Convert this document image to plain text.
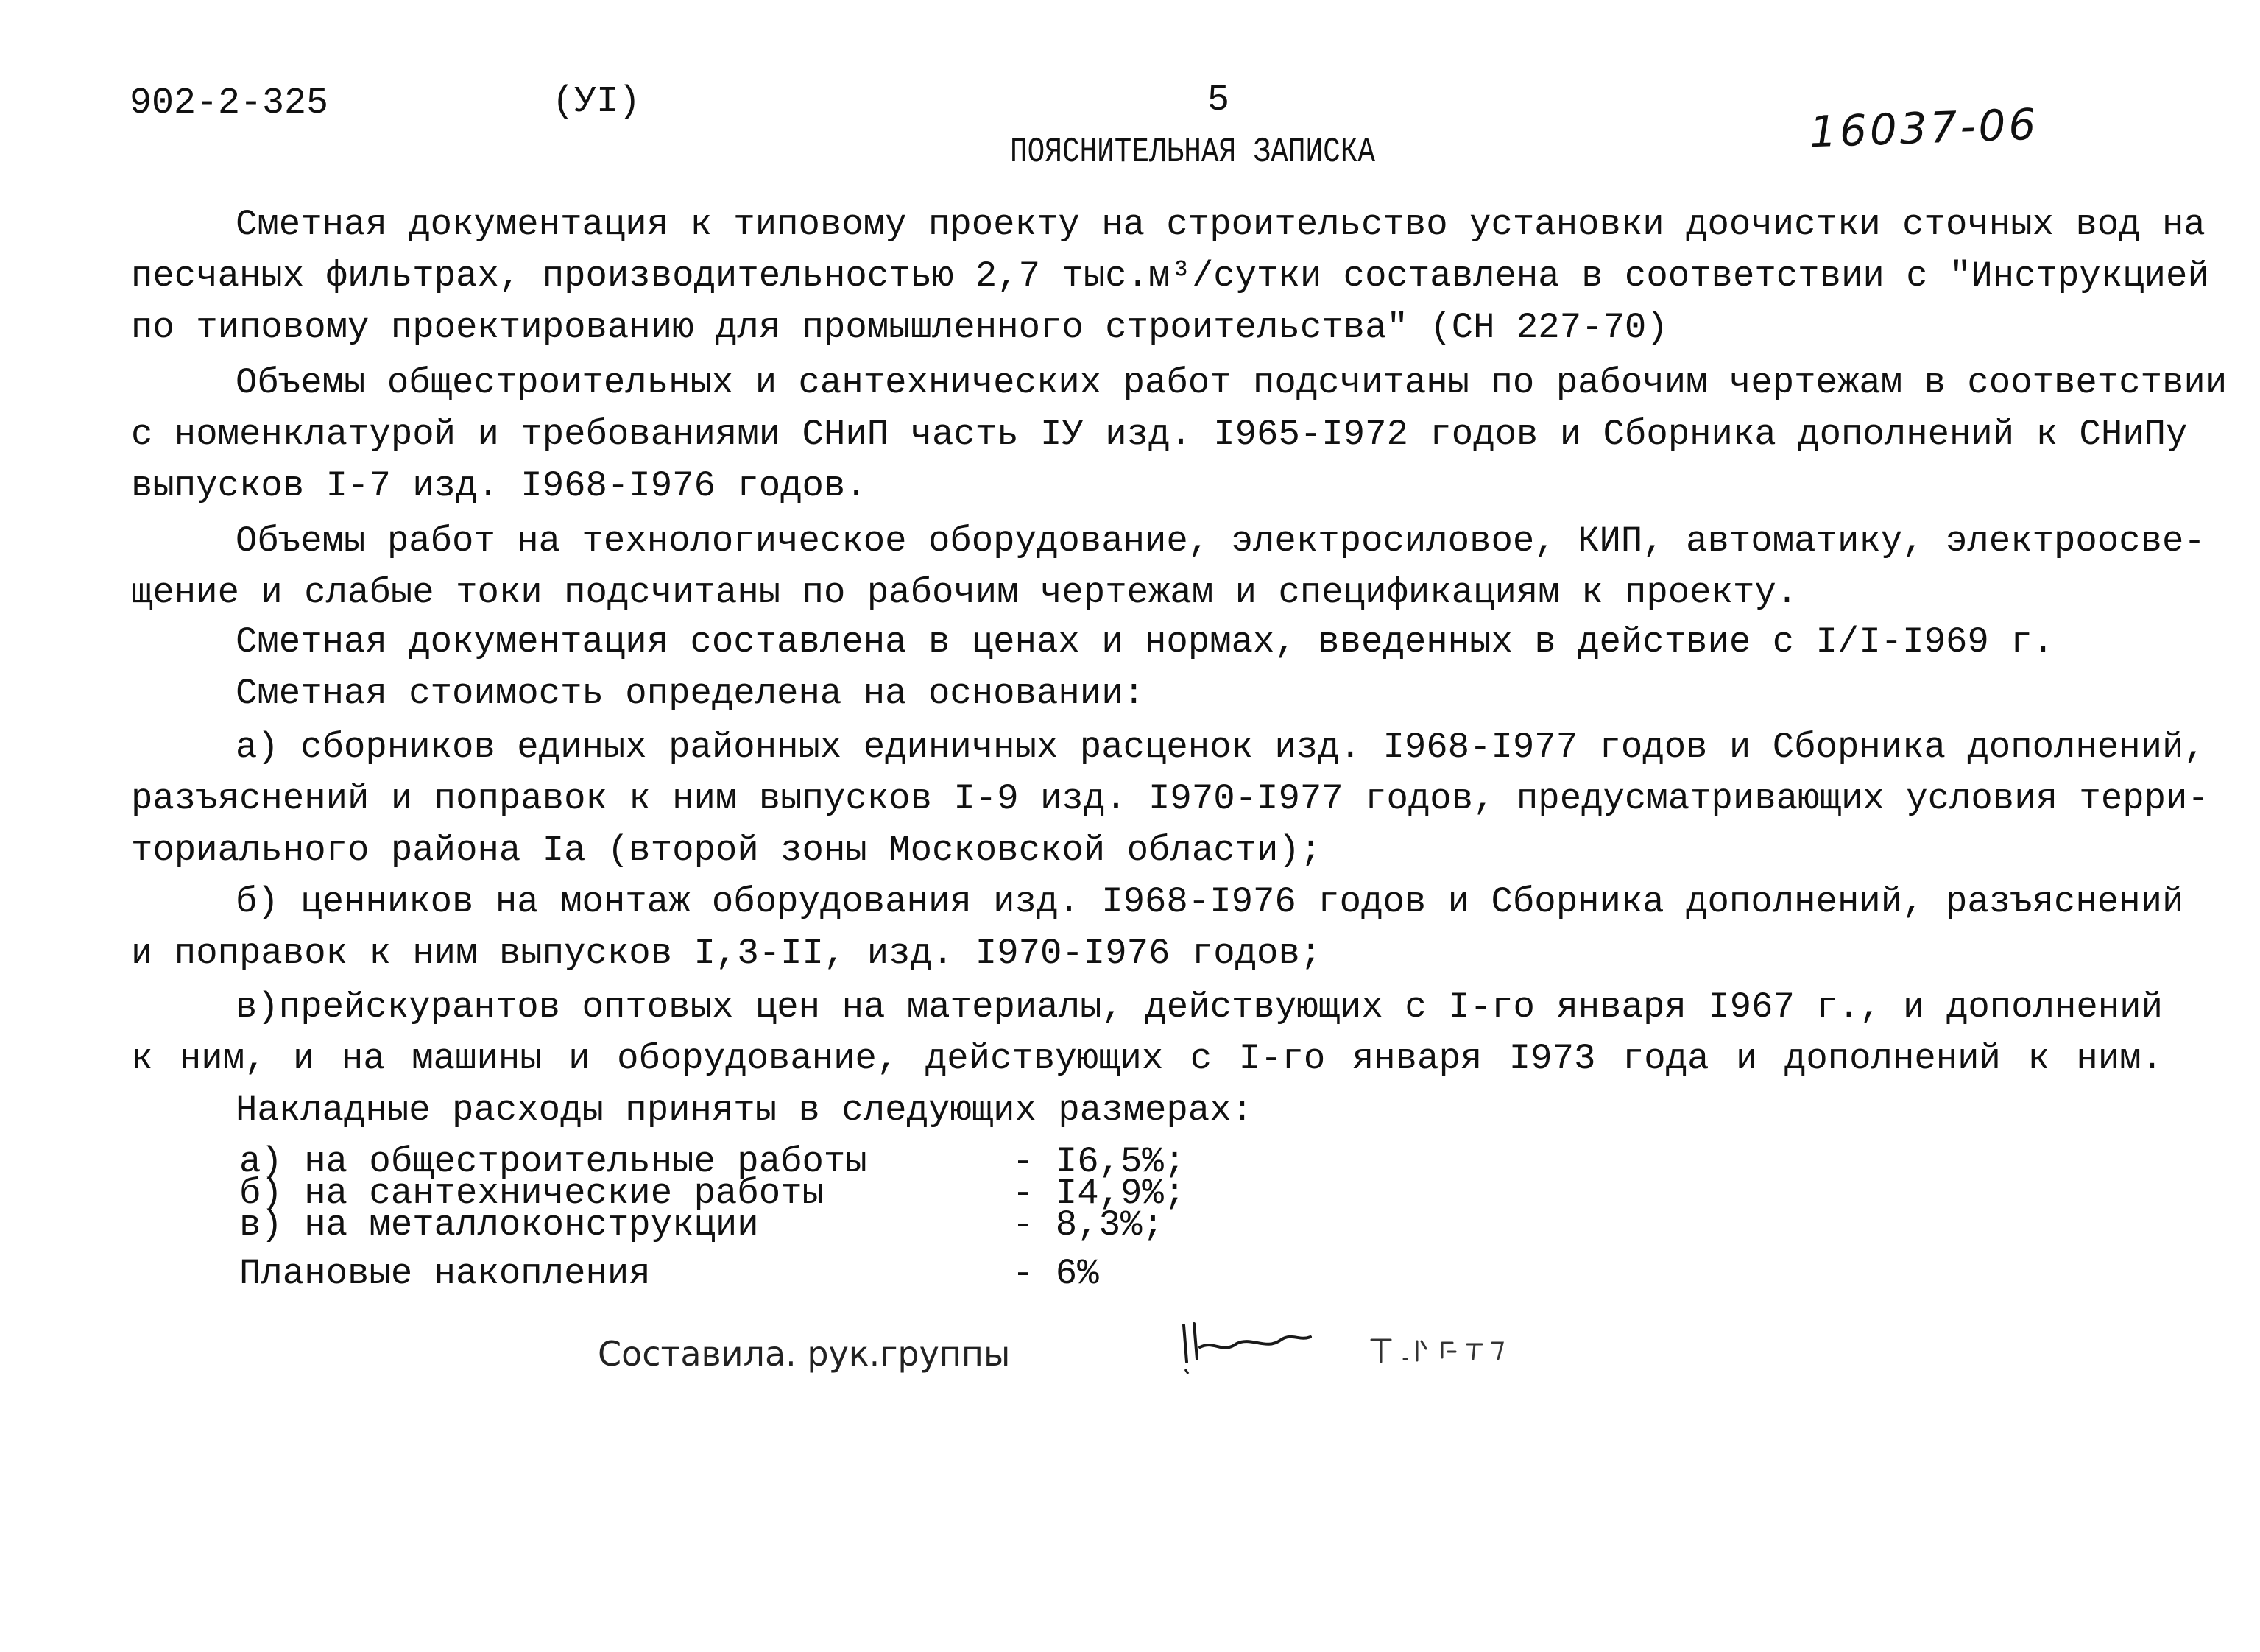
902-2-325	(УI)	5	16037-06
ПОЯСНИТЕЛЬНАЯ ЗАПИСКА
Сметная документация к типовому проекту на строительство установки доочистки сточных вод на
песчаных фильтрах, производительностью 2,7 тыс.м³/сутки составлена в соответствии с "Инструкцией
по типовому проектированию для промышленного строительства" (СН 227-70)
Объемы общестроительных и сантехнических работ подсчитаны по рабочим чертежам в соответствии
с номенклатурой и требованиями СНиП часть IУ изд. I965-I972 годов и Сборника дополнений к СНиПу
выпусков I-7 изд. I968-I976 годов.
Объемы работ на технологическое оборудование, электросиловое, КИП, автоматику, электроосве-
щение и слабые токи подсчитаны по рабочим чертежам и спецификациям к проекту.
Сметная документация составлена в ценах и нормах, введенных в действие с I/I-I969 г.
Сметная стоимость определена на основании:
а) сборников единых районных единичных расценок изд. I968-I977 годов и Сборника дополнений,
разъяснений и поправок к ним выпусков I-9 изд. I970-I977 годов, предусматривающих условия терри-
ториального района Iа (второй зоны Московской области);
б) ценников на монтаж оборудования изд. I968-I976 годов и Сборника дополнений, разъяснений
и поправок к ним выпусков I,3-II, изд. I970-I976 годов;
в)прейскурантов оптовых цен на материалы, действующих с I-го января I967 г., и дополнений
к ним, и на машины и оборудование, действующих с I-го января I973 года и дополнений к ним.
Накладные расходы приняты в следующих размерах:
а) на общестроительные работы	- I6,5%;
б) на сантехнические работы	- I4,9%;
в) на металлоконструкции	- 8,3%;
Плановые накопления	- 6%
Составила. рук.группы
